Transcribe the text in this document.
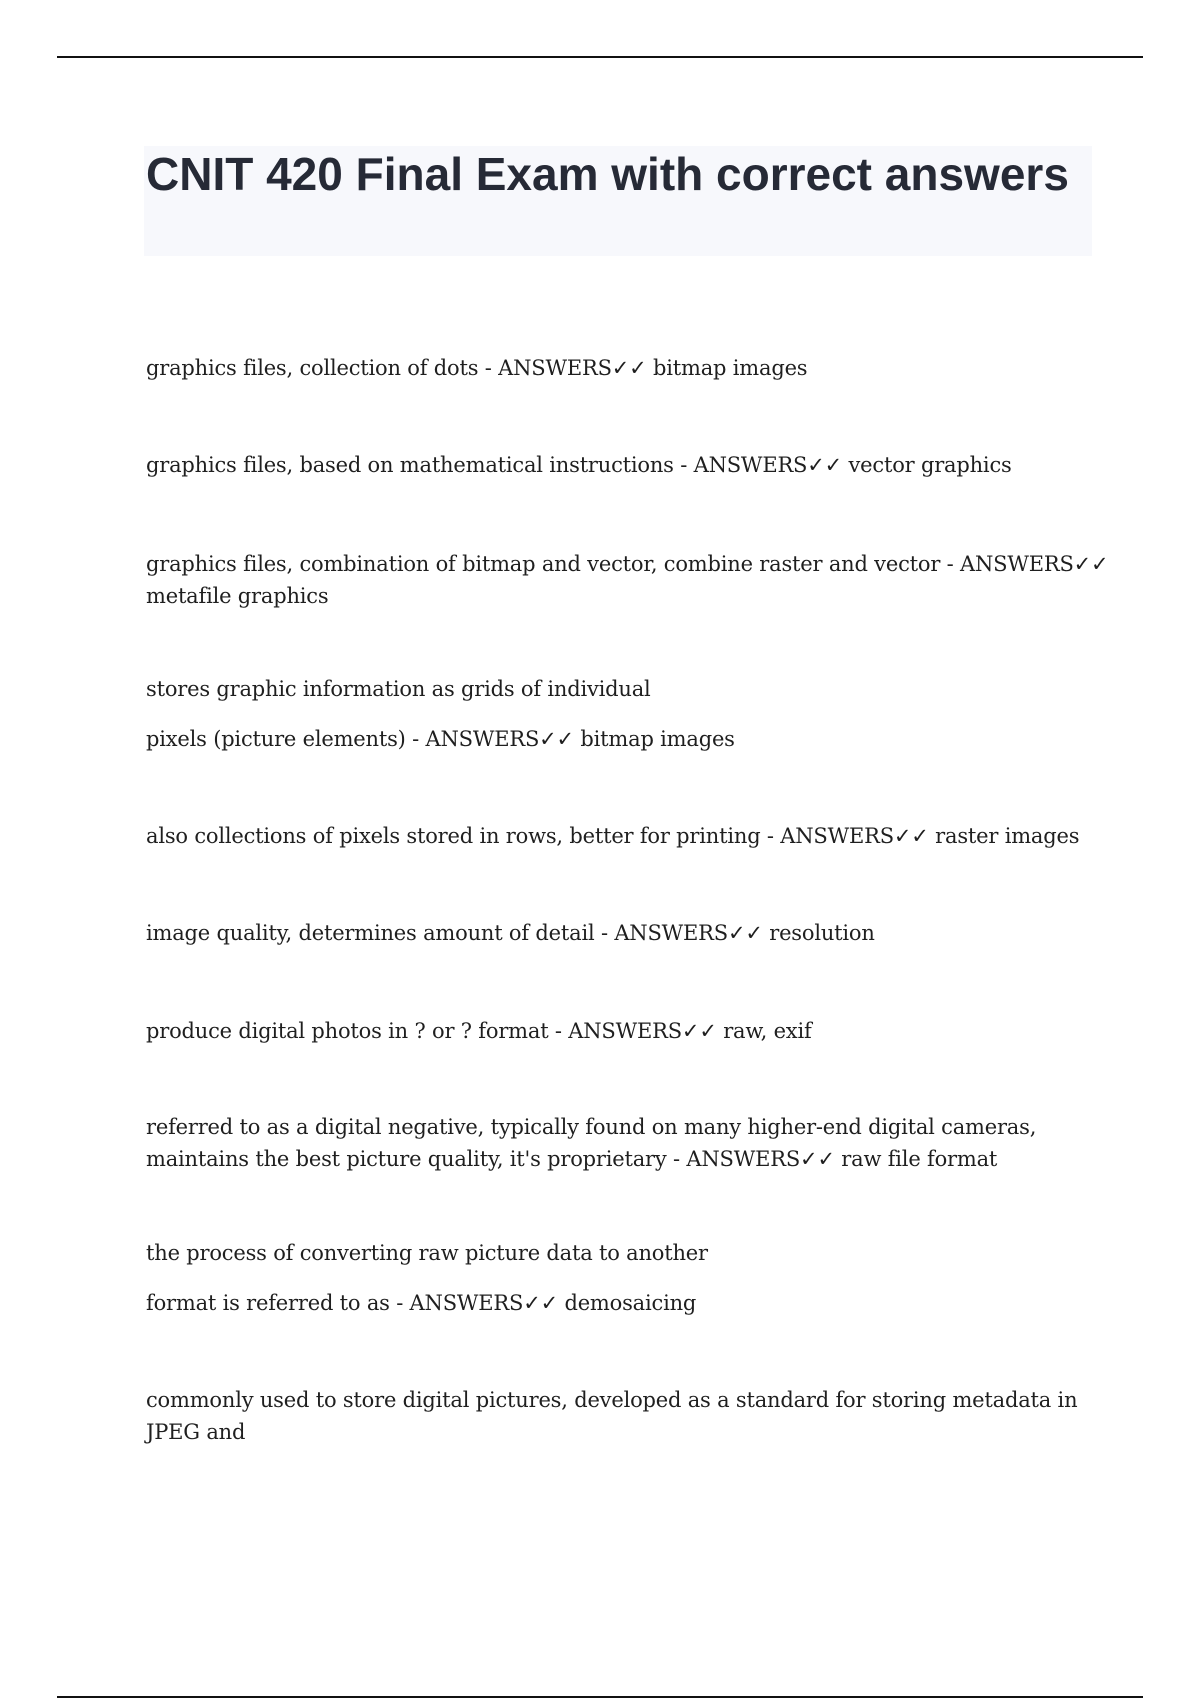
CNIT 420 Final Exam with correct answers

graphics files, collection of dots - ANSWERS✓✓ bitmap images

graphics files, based on mathematical instructions - ANSWERS✓✓ vector graphics

graphics files, combination of bitmap and vector, combine raster and vector - ANSWERS✓✓

metafile graphics

stores graphic information as grids of individual

pixels (picture elements) - ANSWERS✓✓ bitmap images

also collections of pixels stored in rows, better for printing - ANSWERS✓✓ raster images

image quality, determines amount of detail - ANSWERS✓✓ resolution

produce digital photos in ? or ? format - ANSWERS✓✓ raw, exif

referred to as a digital negative, typically found on many higher-end digital cameras,

maintains the best picture quality, it's proprietary - ANSWERS✓✓ raw file format

the process of converting raw picture data to another

format is referred to as - ANSWERS✓✓ demosaicing

commonly used to store digital pictures, developed as a standard for storing metadata in

JPEG and
